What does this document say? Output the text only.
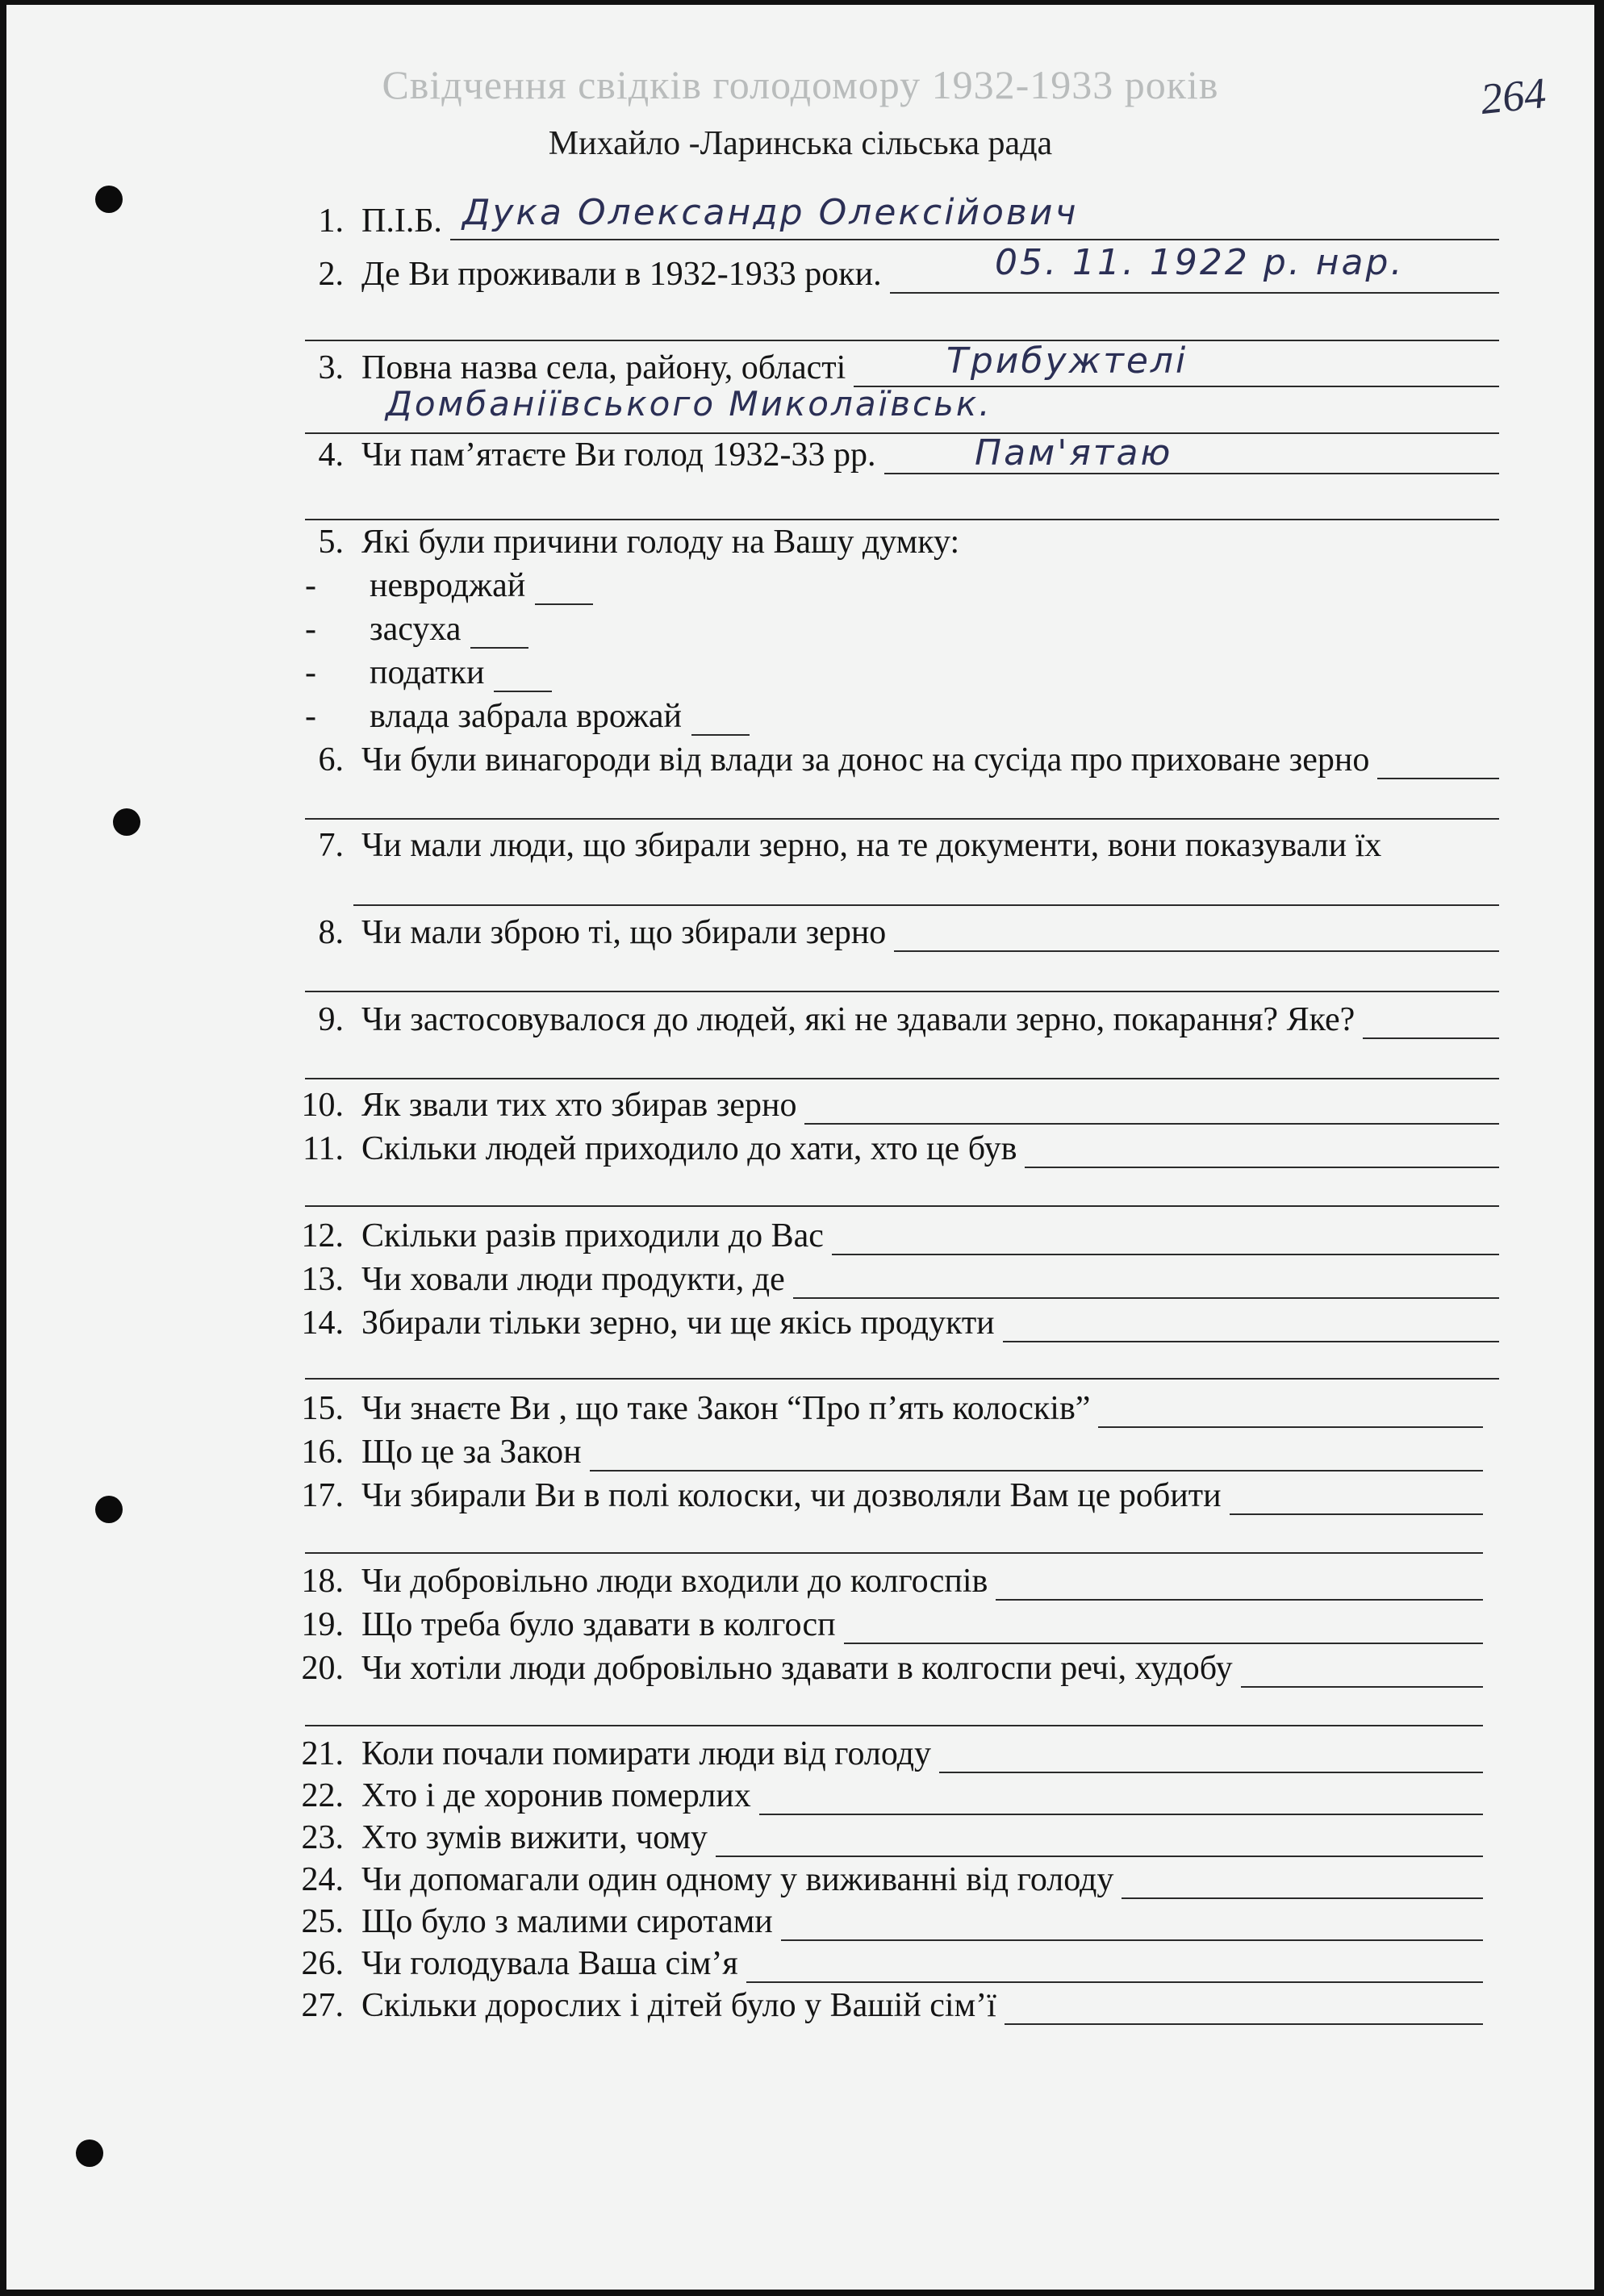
Свідчення свідків голодомору 1932-1933 років
Михайло -Ларинська сільська рада
264
1. П.І.Б. Дука Олександр Олексійович
2. Де Ви проживали в 1932-1933 роки.	05. 11. 1922 р. нар.
3. Повна назва села, району, області	Трибужтелі
Домбаніївського Миколаївськ.
4. Чи пам’ятаєте Ви голод 1932-33 рр.	Пам'ятаю
5. Які були причини голоду на Вашу думку:
-	невроджай
-	засуха
-	податки
-	влада забрала врожай
6. Чи були винагороди від влади за донос на сусіда про приховане зерно
7. Чи мали люди, що збирали зерно, на те документи, вони показували їх
8. Чи мали зброю ті, що збирали зерно
9. Чи застосовувалося до людей, які не здавали зерно, покарання? Яке?
10. Як звали тих хто збирав зерно
11. Скільки людей приходило до хати, хто це був
12. Скільки разів приходили до Вас
13. Чи ховали люди продукти, де
14. Збирали тільки зерно, чи ще якісь продукти
15. Чи знаєте Ви , що таке Закон “Про п’ять колосків”
16. Що це за Закон
17. Чи збирали Ви в полі колоски, чи дозволяли Вам це робити
18. Чи добровільно люди входили до колгоспів
19. Що треба було здавати в колгосп
20. Чи хотіли люди добровільно здавати в колгоспи речі, худобу
21. Коли почали помирати люди від голоду
22. Хто і де хоронив померлих
23. Хто зумів вижити, чому
24. Чи допомагали один одному у виживанні від голоду
25. Що було з малими сиротами
26. Чи голодувала Ваша сім’я
27. Скільки дорослих і дітей було у Вашій сім’ї
